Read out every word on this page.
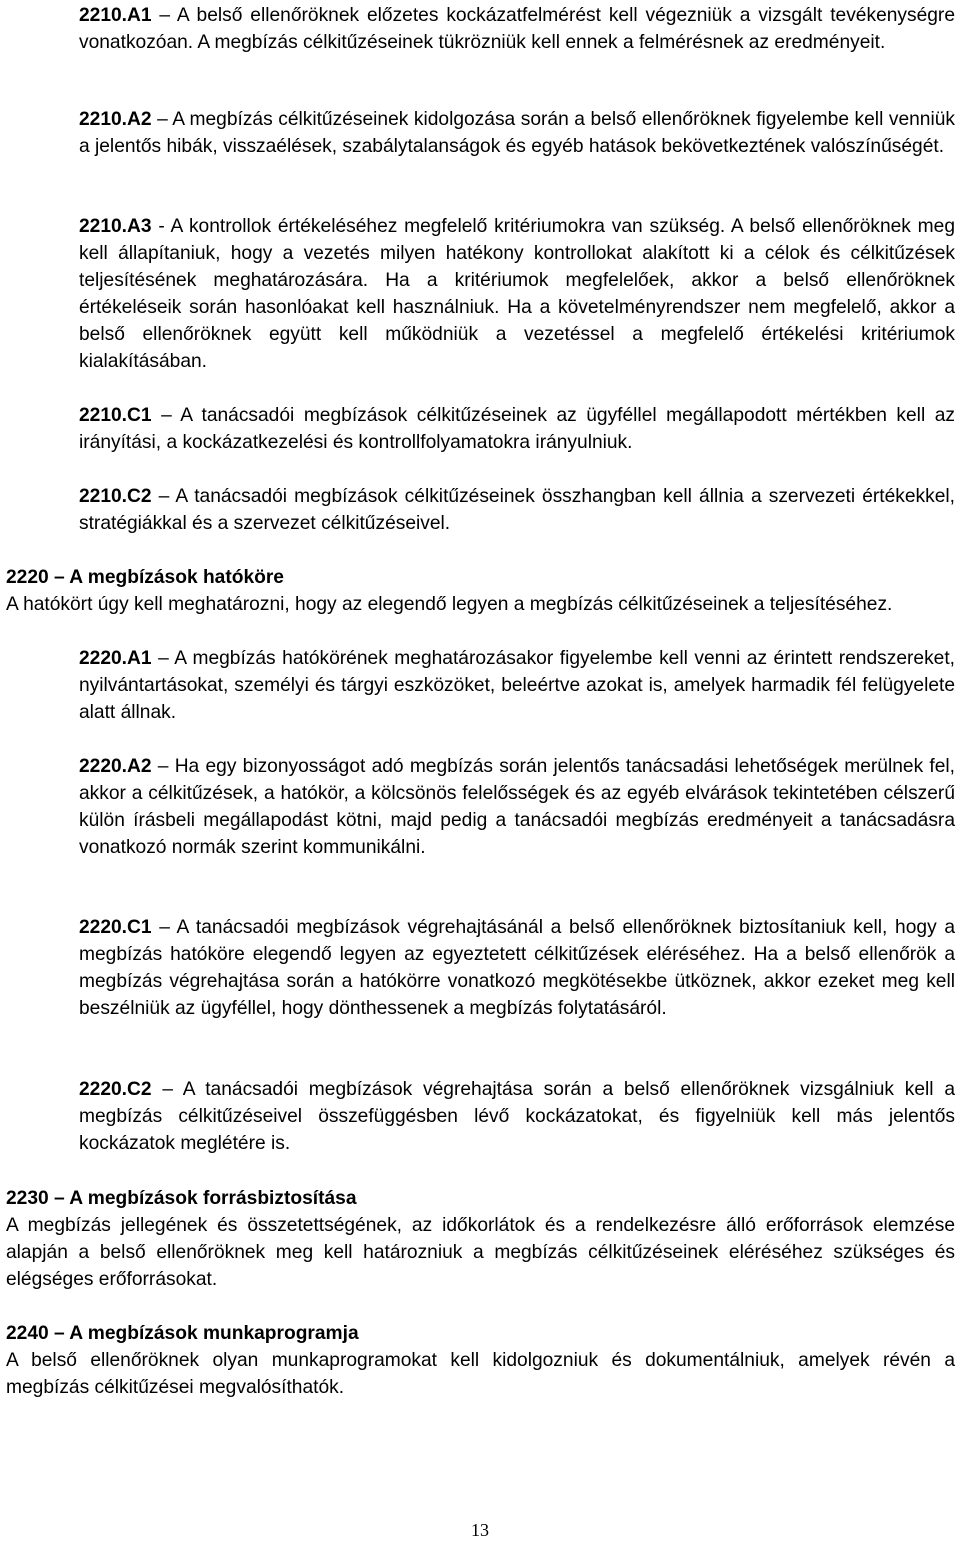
2210.A1 – A belső ellenőröknek előzetes kockázatfelmérést kell végezniük a vizsgált tevékenységre vonatkozóan. A megbízás célkitűzéseinek tükrözniük kell ennek a felmérésnek az eredményeit.
2210.A2 – A megbízás célkitűzéseinek kidolgozása során a belső ellenőröknek figyelembe kell venniük a jelentős hibák, visszaélések, szabálytalanságok és egyéb hatások bekövetkeztének valószínűségét.
2210.A3 - A kontrollok értékeléséhez megfelelő kritériumokra van szükség. A belső ellenőröknek meg kell állapítaniuk, hogy a vezetés milyen hatékony kontrollokat alakított ki a célok és célkitűzések teljesítésének meghatározására. Ha a kritériumok megfelelőek, akkor a belső ellenőröknek értékeléseik során hasonlóakat kell használniuk. Ha a követelményrendszer nem megfelelő, akkor a belső ellenőröknek együtt kell működniük a vezetéssel a megfelelő értékelési kritériumok kialakításában.
2210.C1 – A tanácsadói megbízások célkitűzéseinek az ügyféllel megállapodott mértékben kell az irányítási, a kockázatkezelési és kontrollfolyamatokra irányulniuk.
2210.C2 – A tanácsadói megbízások célkitűzéseinek összhangban kell állnia a szervezeti értékekkel, stratégiákkal és a szervezet célkitűzéseivel.
2220 – A megbízások hatóköre
A hatókört úgy kell meghatározni, hogy az elegendő legyen a megbízás célkitűzéseinek a teljesítéséhez.
2220.A1 – A megbízás hatókörének meghatározásakor figyelembe kell venni az érintett rendszereket, nyilvántartásokat, személyi és tárgyi eszközöket, beleértve azokat is, amelyek harmadik fél felügyelete alatt állnak.
2220.A2 – Ha egy bizonyosságot adó megbízás során jelentős tanácsadási lehetőségek merülnek fel, akkor a célkitűzések, a hatókör, a kölcsönös felelősségek és az egyéb elvárások tekintetében célszerű külön írásbeli megállapodást kötni, majd pedig a tanácsadói megbízás eredményeit a tanácsadásra vonatkozó normák szerint kommunikálni.
2220.C1 – A tanácsadói megbízások végrehajtásánál a belső ellenőröknek biztosítaniuk kell, hogy a megbízás hatóköre elegendő legyen az egyeztetett célkitűzések eléréséhez. Ha a belső ellenőrök a megbízás végrehajtása során a hatókörre vonatkozó megkötésekbe ütköznek, akkor ezeket meg kell beszélniük az ügyféllel, hogy dönthessenek a megbízás folytatásáról.
2220.C2 – A tanácsadói megbízások végrehajtása során a belső ellenőröknek vizsgálniuk kell a megbízás célkitűzéseivel összefüggésben lévő kockázatokat, és figyelniük kell más jelentős kockázatok meglétére is.
2230 – A megbízások forrásbiztosítása
A megbízás jellegének és összetettségének, az időkorlátok és a rendelkezésre álló erőforrások elemzése alapján a belső ellenőröknek meg kell határozniuk a megbízás célkitűzéseinek eléréséhez szükséges és elégséges erőforrásokat.
2240 – A megbízások munkaprogramja
A belső ellenőröknek olyan munkaprogramokat kell kidolgozniuk és dokumentálniuk, amelyek révén a megbízás célkitűzései megvalósíthatók.
13
